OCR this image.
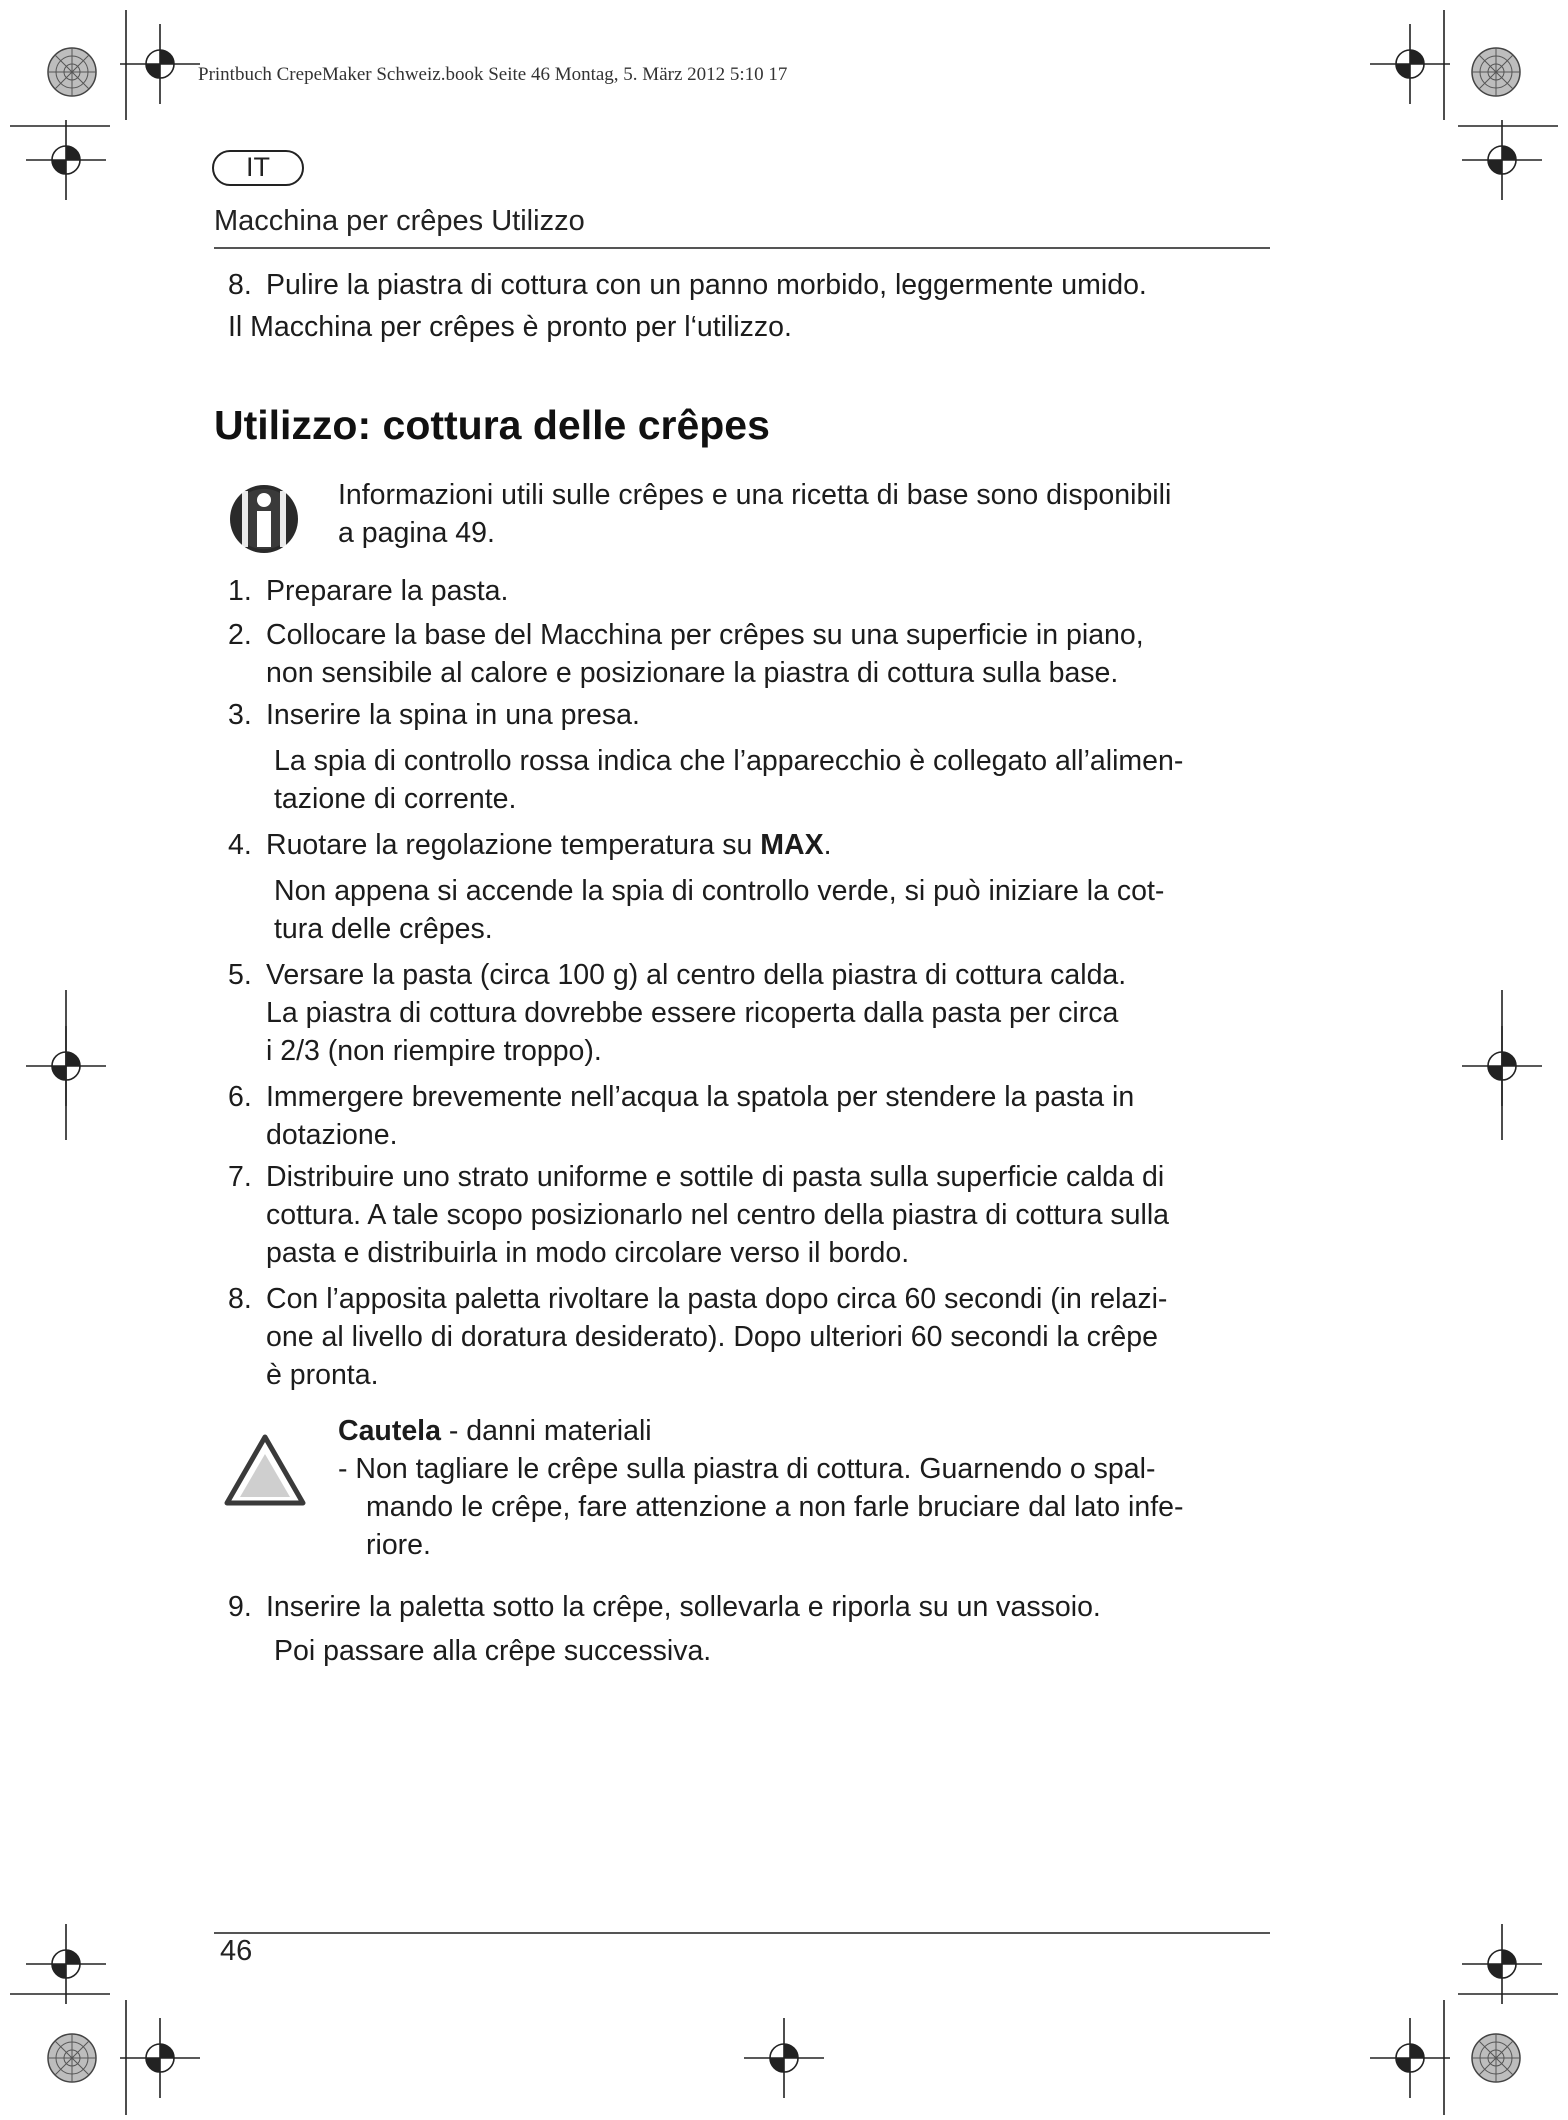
Printbuch CrepeMaker Schweiz.book Seite 46 Montag, 5. März 2012 5:10 17
IT
Macchina per crêpes Utilizzo
8. Pulire la piastra di cottura con un panno morbido, leggermente umido.
Il Macchina per crêpes è pronto per l‘utilizzo.
Utilizzo: cottura delle crêpes
Informazioni utili sulle crêpes e una ricetta di base sono disponibili
a pagina 49.
1. Preparare la pasta.
2. Collocare la base del Macchina per crêpes su una superficie in piano,
non sensibile al calore e posizionare la piastra di cottura sulla base.
3. Inserire la spina in una presa.
La spia di controllo rossa indica che l’apparecchio è collegato all’alimen-
tazione di corrente.
4. Ruotare la regolazione temperatura su MAX.
Non appena si accende la spia di controllo verde, si può iniziare la cot-
tura delle crêpes.
5. Versare la pasta (circa 100 g) al centro della piastra di cottura calda.
La piastra di cottura dovrebbe essere ricoperta dalla pasta per circa
i 2/3 (non riempire troppo).
6. Immergere brevemente nell’acqua la spatola per stendere la pasta in
dotazione.
7. Distribuire uno strato uniforme e sottile di pasta sulla superficie calda di
cottura. A tale scopo posizionarlo nel centro della piastra di cottura sulla
pasta e distribuirla in modo circolare verso il bordo.
8. Con l’apposita paletta rivoltare la pasta dopo circa 60 secondi (in relazi-
one al livello di doratura desiderato). Dopo ulteriori 60 secondi la crêpe
è pronta.
Cautela - danni materiali
- Non tagliare le crêpe sulla piastra di cottura. Guarnendo o spal-
mando le crêpe, fare attenzione a non farle bruciare dal lato infe-
riore.
9. Inserire la paletta sotto la crêpe, sollevarla e riporla su un vassoio.
Poi passare alla crêpe successiva.
46
